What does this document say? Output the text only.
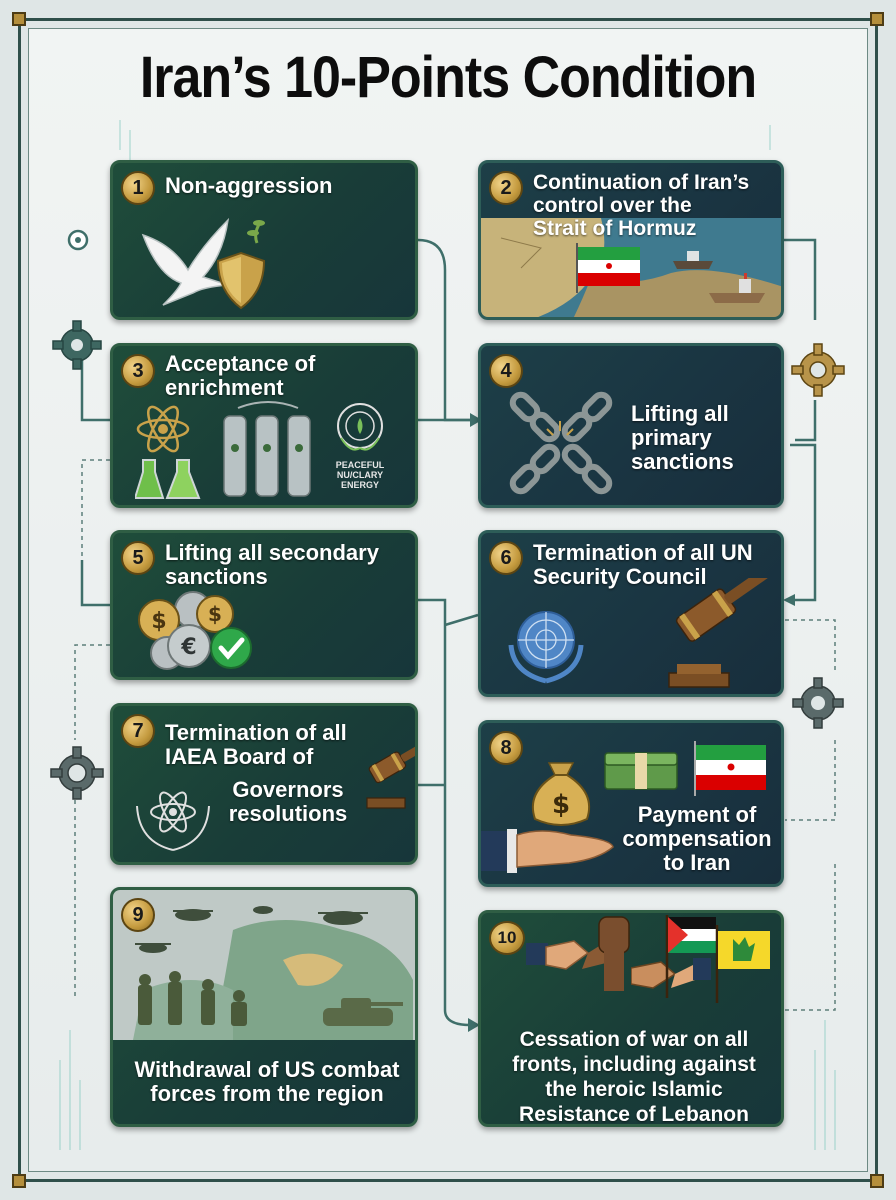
Iran’s 10-Points Condition
1 Non-aggression	2	Continuation of Iran’s
control over the
Strait of Hormuz
3 Acceptance of
enrichment
PEACEFUL
NU/CLARY
ENERGY
4
Lifting all
primary
sanctions
5 Lifting all secondary
sanctions
$
$
€
6 Termination of all UN
Security Council
7 Termination of all
IAEA Board of
Governors
resolutions
8
$	Payment of
compensation
to Iran
9
Withdrawal of US combat
forces from the region
10
Cessation of war on all
fronts, including against
the heroic Islamic
Resistance of Lebanon
